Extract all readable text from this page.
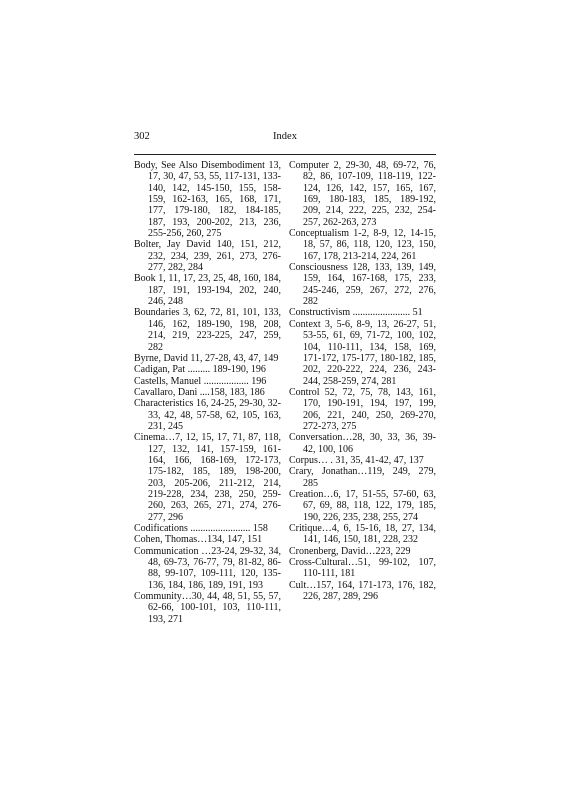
302	Index
Body, See Also Disembodiment 13, 17, 30, 47, 53, 55, 117-131, 133-140, 142, 145-150, 155, 158-159, 162-163, 165, 168, 171, 177, 179-180, 182, 184-185, 187, 193, 200-202, 213, 236, 255-256, 260, 275
Bolter, Jay David 140, 151, 212, 232, 234, 239, 261, 273, 276-277, 282, 284
Book 1, 11, 17, 23, 25, 48, 160, 184, 187, 191, 193-194, 202, 240, 246, 248
Boundaries 3, 62, 72, 81, 101, 133, 146, 162, 189-190, 198, 208, 214, 219, 223-225, 247, 259, 282
Byrne, David 11, 27-28, 43, 47, 149
Cadigan, Pat ......... 189-190, 196
Castells, Manuel .................. 196
Cavallaro, Dani ....158, 183, 186
Characteristics 16, 24-25, 29-30, 32-33, 42, 48, 57-58, 62, 105, 163, 231, 245
Cinema…7, 12, 15, 17, 71, 87, 118, 127, 132, 141, 157-159, 161-164, 166, 168-169, 172-173, 175-182, 185, 189, 198-200, 203, 205-206, 211-212, 214, 219-228, 234, 238, 250, 259-260, 263, 265, 271, 274, 276-277, 296
Codifications ........................ 158
Cohen, Thomas…134, 147, 151
Communication …23-24, 29-32, 34, 48, 69-73, 76-77, 79, 81-82, 86-88, 99-107, 109-111, 120, 135-136, 184, 186, 189, 191, 193
Community…30, 44, 48, 51, 55, 57, 62-66, 100-101, 103, 110-111, 193, 271
Computer 2, 29-30, 48, 69-72, 76, 82, 86, 107-109, 118-119, 122-124, 126, 142, 157, 165, 167, 169, 180-183, 185, 189-192, 209, 214, 222, 225, 232, 254-257, 262-263, 273
Conceptualism 1-2, 8-9, 12, 14-15, 18, 57, 86, 118, 120, 123, 150, 167, 178, 213-214, 224, 261
Consciousness 128, 133, 139, 149, 159, 164, 167-168, 175, 233, 245-246, 259, 267, 272, 276, 282
Constructivism ....................... 51
Context 3, 5-6, 8-9, 13, 26-27, 51, 53-55, 61, 69, 71-72, 100, 102, 104, 110-111, 134, 158, 169, 171-172, 175-177, 180-182, 185, 202, 220-222, 224, 236, 243-244, 258-259, 274, 281
Control 52, 72, 75, 78, 143, 161, 170, 190-191, 194, 197, 199, 206, 221, 240, 250, 269-270, 272-273, 275
Conversation…28, 30, 33, 36, 39-42, 100, 106
Corpus… . 31, 35, 41-42, 47, 137
Crary, Jonathan…119, 249, 279, 285
Creation…6, 17, 51-55, 57-60, 63, 67, 69, 88, 118, 122, 179, 185, 190, 226, 235, 238, 255, 274
Critique…4, 6, 15-16, 18, 27, 134, 141, 146, 150, 181, 228, 232
Cronenberg, David…223, 229
Cross-Cultural…51, 99-102, 107, 110-111, 181
Cult…157, 164, 171-173, 176, 182, 226, 287, 289, 296
